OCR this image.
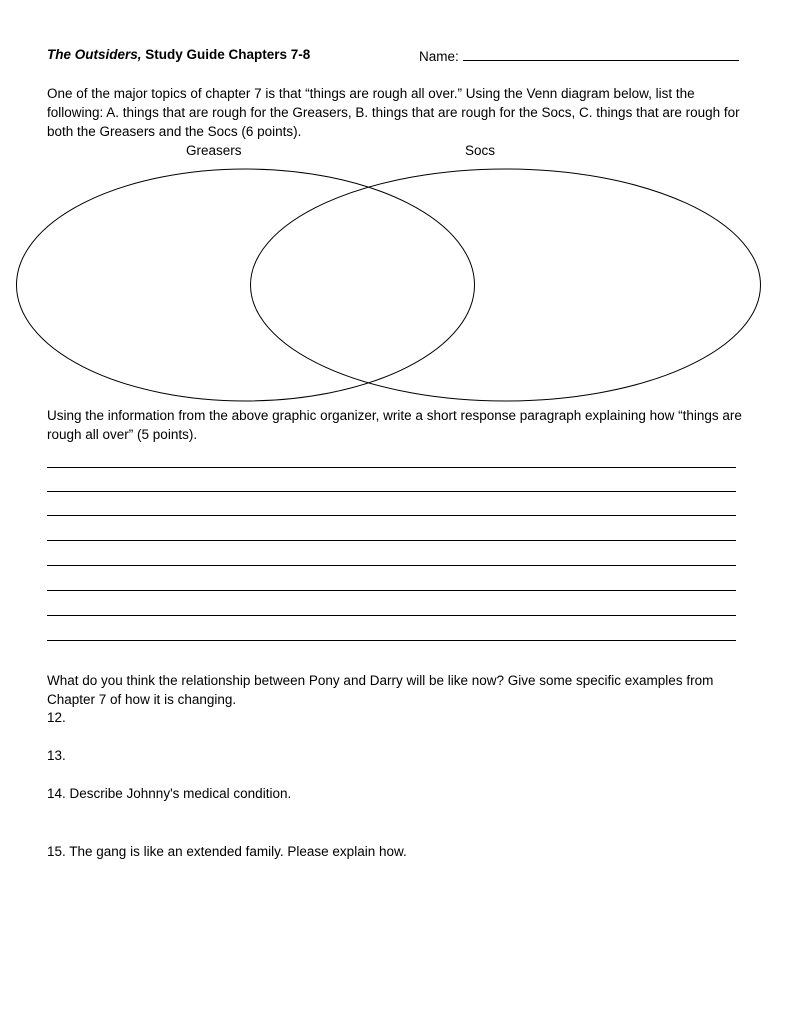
The Outsiders, Study Guide Chapters 7-8	Name:

One of the major topics of chapter 7 is that “things are rough all over.” Using the Venn diagram below, list the following: A. things that are rough for the Greasers, B. things that are rough for the Socs, C. things that are rough for both the Greasers and the Socs (6 points).

Greasers	Socs

Using the information from the above graphic organizer, write a short response paragraph explaining how “things are rough all over” (5 points).

What do you think the relationship between Pony and Darry will be like now? Give some specific examples from Chapter 7 of how it is changing.

12.
13.
14. Describe Johnny's medical condition.
15. The gang is like an extended family. Please explain how.
